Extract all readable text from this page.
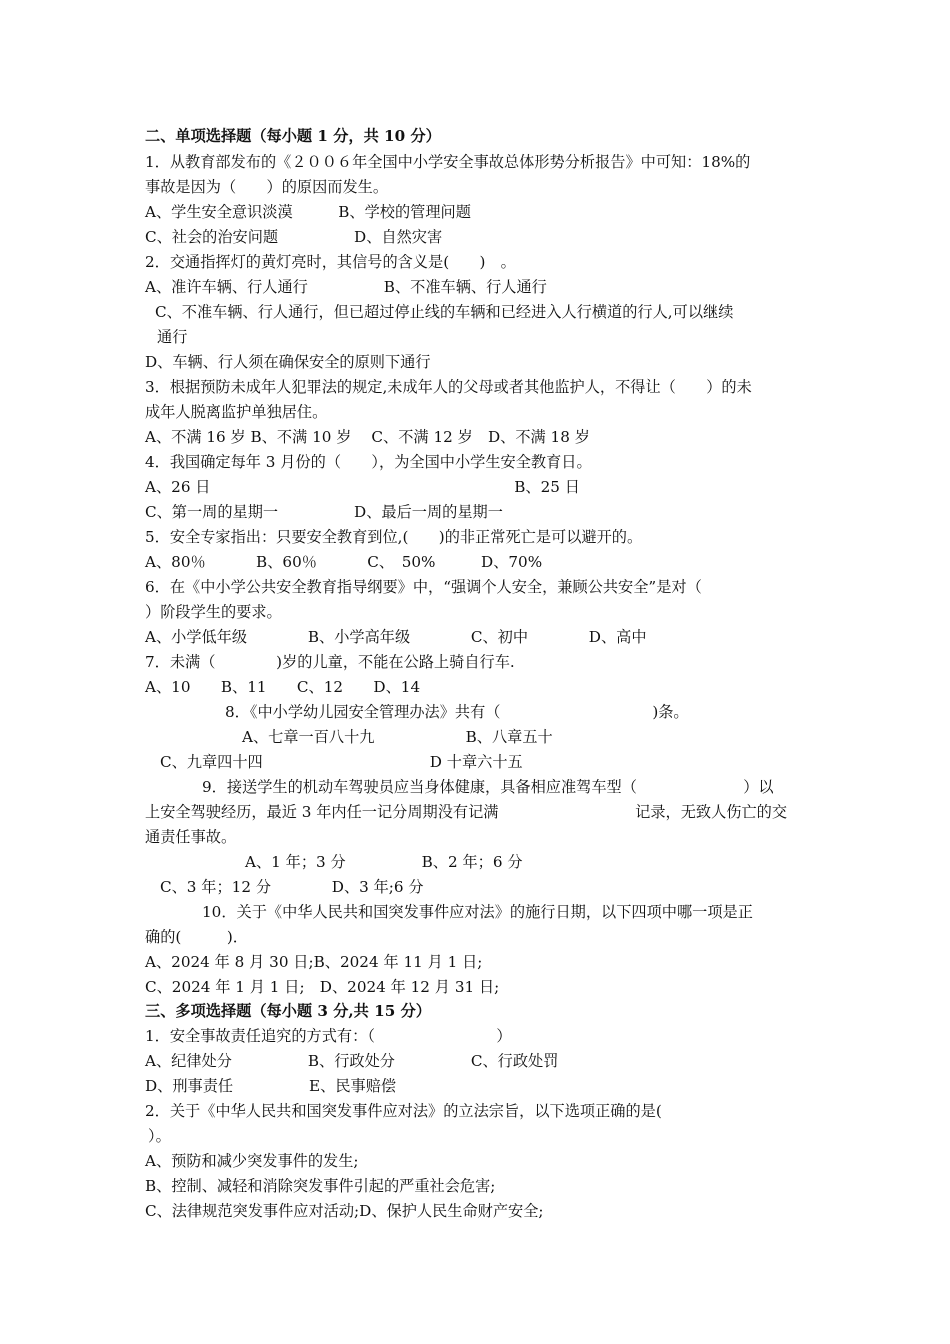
二、单项选择题（每小题 1 分，共 10 分）
1．从教育部发布的《２００６年全国中小学安全事故总体形势分析报告》中可知：18%的
事故是因为（　　）的原因而发生。
A、学生安全意识淡漠　　　B、学校的管理问题
C、社会的治安问题　　　　　D、自然灾害
2．交通指挥灯的黄灯亮时，其信号的含义是(　　)　。
A、准许车辆、行人通行　　　　　B、不准车辆、行人通行
C、不准车辆、行人通行，但已超过停止线的车辆和已经进入人行横道的行人,可以继续
通行
D、车辆、行人须在确保安全的原则下通行
3．根据预防未成年人犯罪法的规定,未成年人的父母或者其他监护人，不得让（　　）的未
成年人脱离监护单独居住。
A、不满 16 岁 B、不满 10 岁　 C、不满 12 岁　D、不满 18 岁
4．我国确定每年 3 月份的（　　），为全国中小学生安全教育日。
A、26 日　　　　　　　　　　　　　　　　　　　　B、25 日
C、第一周的星期一　　　　　D、最后一周的星期一
5．安全专家指出：只要安全教育到位,(　　)的非正常死亡是可以避开的。
A、80％　　　 B、60％　　　 C、　50%　　　D、70%
6．在《中小学公共安全教育指导纲要》中，“强调个人安全，兼顾公共安全”是对（
）阶段学生的要求。
A、小学低年级　　　　B、小学高年级　　　　C、初中　　　　D、高中
7．未满（　　　　)岁的儿童，不能在公路上骑自行车.
A、10　　B、11　　C、12　　D、14
8．《中小学幼儿园安全管理办法》共有（　　　　　　　　　　)条。
A、七章一百八十九　　　　　　B、八章五十
C、九章四十四　　　　　　　　　　　D 十章六十五
9．接送学生的机动车驾驶员应当身体健康，具备相应准驾车型（　　　　　　　）以
上安全驾驶经历，最近 3 年内任一记分周期没有记满　　　　　　　　　记录，无致人伤亡的交
通责任事故。
A、1 年；3 分　　　　　B、2 年；6 分
C、3 年；12 分　　　　D、3 年;6 分
10．关于《中华人民共和国突发事件应对法》的施行日期，以下四项中哪一项是正
确的(　　　)．
A、2024 年 8 月 30 日;B、2024 年 11 月 1 日;
C、2024 年 1 月 1 日;　D、2024 年 12 月 31 日;
三、多项选择题（每小题 3 分,共 15 分）
1．安全事故责任追究的方式有：（　　　　　　　　）
A、纪律处分　　　　　B、行政处分　　　　　C、行政处罚
D、刑事责任　　　　　E、民事赔偿
2．关于《中华人民共和国突发事件应对法》的立法宗旨，以下选项正确的是(
）。
A、预防和减少突发事件的发生;
B、控制、减轻和消除突发事件引起的严重社会危害;
C、法律规范突发事件应对活动;D、保护人民生命财产安全;
